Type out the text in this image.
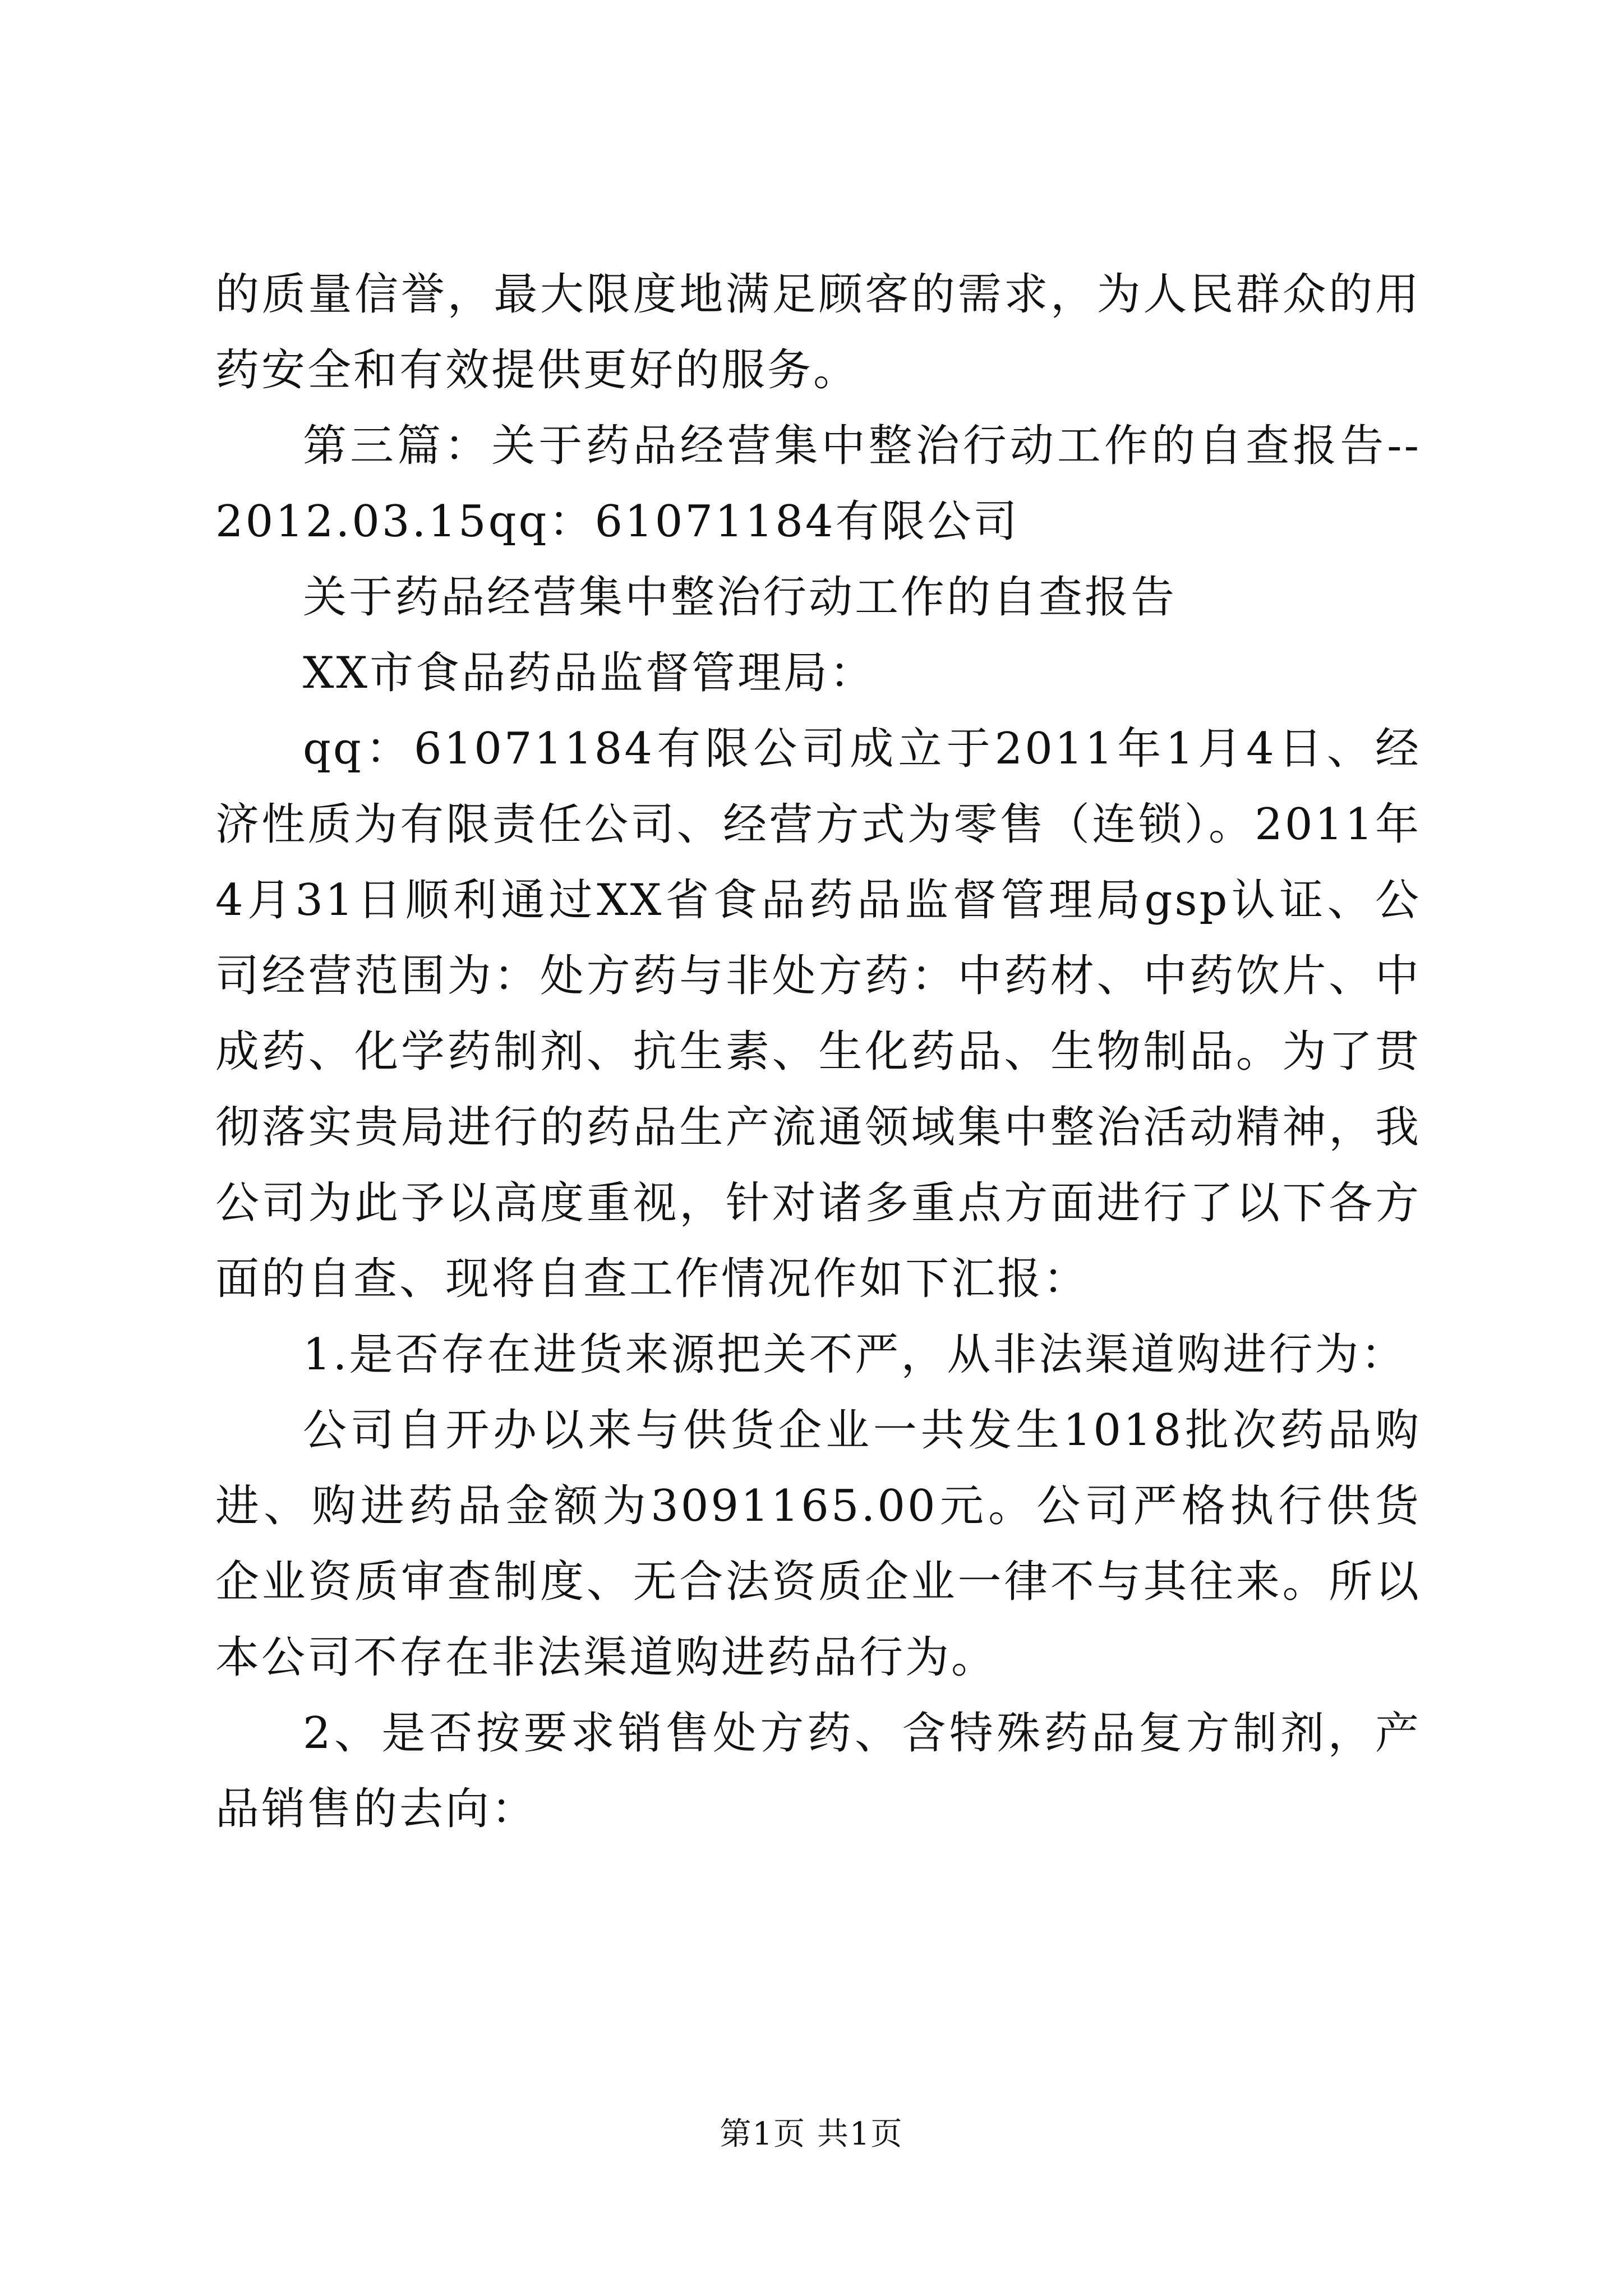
的质量信誉，最大限度地满足顾客的需求，为人民群众的用药安全和有效提供更好的服务。

第三篇：关于药品经营集中整治行动工作的自查报告--2012.03.15qq：61071184有限公司

关于药品经营集中整治行动工作的自查报告

XX市食品药品监督管理局：

qq：61071184有限公司成立于2011年1月4日、经济性质为有限责任公司、经营方式为零售（连锁）。2011年4月31日顺利通过XX省食品药品监督管理局gsp认证、公司经营范围为：处方药与非处方药：中药材、中药饮片、中成药、化学药制剂、抗生素、生化药品、生物制品。为了贯彻落实贵局进行的药品生产流通领域集中整治活动精神，我公司为此予以高度重视，针对诸多重点方面进行了以下各方面的自查、现将自查工作情况作如下汇报：

1.是否存在进货来源把关不严，从非法渠道购进行为：

公司自开办以来与供货企业一共发生1018批次药品购进、购进药品金额为3091165.00元。公司严格执行供货企业资质审查制度、无合法资质企业一律不与其往来。所以本公司不存在非法渠道购进药品行为。

2、是否按要求销售处方药、含特殊药品复方制剂，产品销售的去向：

第1页 共1页
